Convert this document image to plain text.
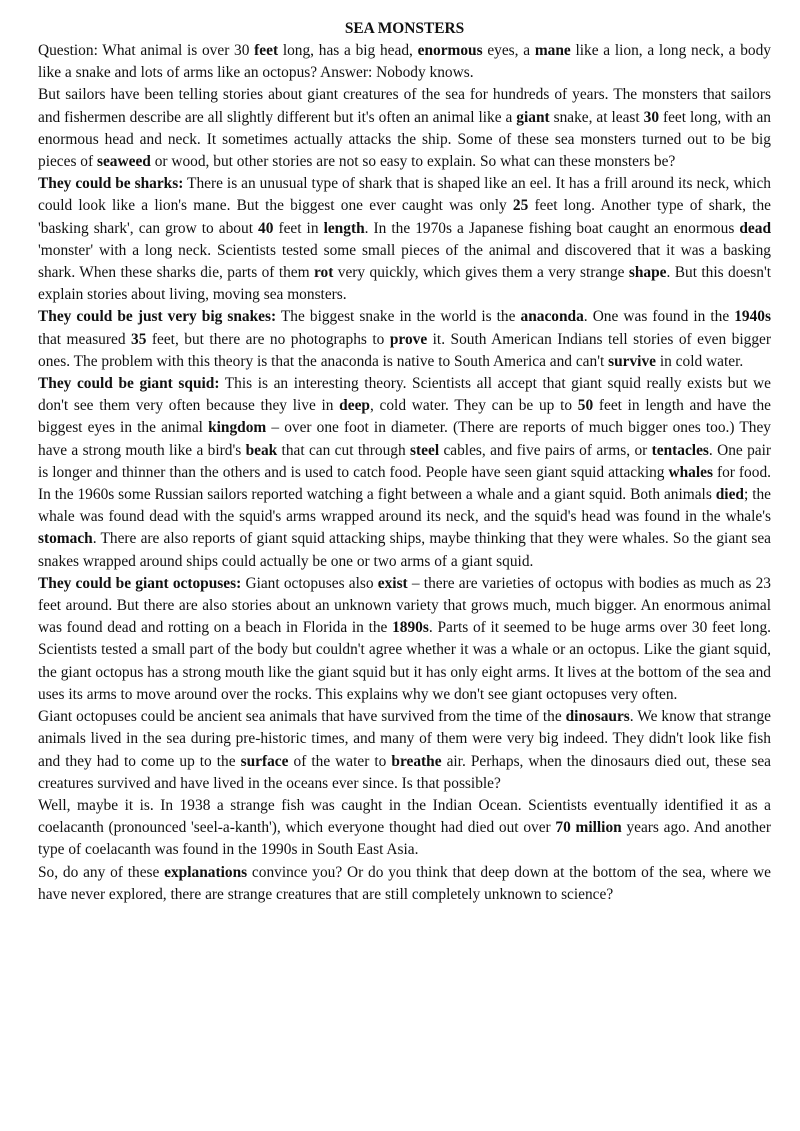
SEA MONSTERS

Question: What animal is over 30 feet long, has a big head, enormous eyes, a mane like a lion, a long neck, a body like a snake and lots of arms like an octopus? Answer: Nobody knows.

But sailors have been telling stories about giant creatures of the sea for hundreds of years. The monsters that sailors and fishermen describe are all slightly different but it's often an animal like a giant snake, at least 30 feet long, with an enormous head and neck. It sometimes actually attacks the ship. Some of these sea monsters turned out to be big pieces of seaweed or wood, but other stories are not so easy to explain. So what can these monsters be?

They could be sharks: There is an unusual type of shark that is shaped like an eel. It has a frill around its neck, which could look like a lion's mane. But the biggest one ever caught was only 25 feet long. Another type of shark, the 'basking shark', can grow to about 40 feet in length. In the 1970s a Japanese fishing boat caught an enormous dead 'monster' with a long neck. Scientists tested some small pieces of the animal and discovered that it was a basking shark. When these sharks die, parts of them rot very quickly, which gives them a very strange shape. But this doesn't explain stories about living, moving sea monsters.

They could be just very big snakes: The biggest snake in the world is the anaconda. One was found in the 1940s that measured 35 feet, but there are no photographs to prove it. South American Indians tell stories of even bigger ones. The problem with this theory is that the anaconda is native to South America and can't survive in cold water.

They could be giant squid: This is an interesting theory. Scientists all accept that giant squid really exists but we don't see them very often because they live in deep, cold water. They can be up to 50 feet in length and have the biggest eyes in the animal kingdom – over one foot in diameter. (There are reports of much bigger ones too.) They have a strong mouth like a bird's beak that can cut through steel cables, and five pairs of arms, or tentacles. One pair is longer and thinner than the others and is used to catch food. People have seen giant squid attacking whales for food. In the 1960s some Russian sailors reported watching a fight between a whale and a giant squid. Both animals died; the whale was found dead with the squid's arms wrapped around its neck, and the squid's head was found in the whale's stomach. There are also reports of giant squid attacking ships, maybe thinking that they were whales. So the giant sea snakes wrapped around ships could actually be one or two arms of a giant squid.

They could be giant octopuses: Giant octopuses also exist – there are varieties of octopus with bodies as much as 23 feet around. But there are also stories about an unknown variety that grows much, much bigger. An enormous animal was found dead and rotting on a beach in Florida in the 1890s. Parts of it seemed to be huge arms over 30 feet long. Scientists tested a small part of the body but couldn't agree whether it was a whale or an octopus. Like the giant squid, the giant octopus has a strong mouth like the giant squid but it has only eight arms. It lives at the bottom of the sea and uses its arms to move around over the rocks. This explains why we don't see giant octopuses very often.

Giant octopuses could be ancient sea animals that have survived from the time of the dinosaurs. We know that strange animals lived in the sea during pre-historic times, and many of them were very big indeed. They didn't look like fish and they had to come up to the surface of the water to breathe air. Perhaps, when the dinosaurs died out, these sea creatures survived and have lived in the oceans ever since. Is that possible?

Well, maybe it is. In 1938 a strange fish was caught in the Indian Ocean. Scientists eventually identified it as a coelacanth (pronounced 'seel-a-kanth'), which everyone thought had died out over 70 million years ago. And another type of coelacanth was found in the 1990s in South East Asia.

So, do any of these explanations convince you? Or do you think that deep down at the bottom of the sea, where we have never explored, there are strange creatures that are still completely unknown to science?
